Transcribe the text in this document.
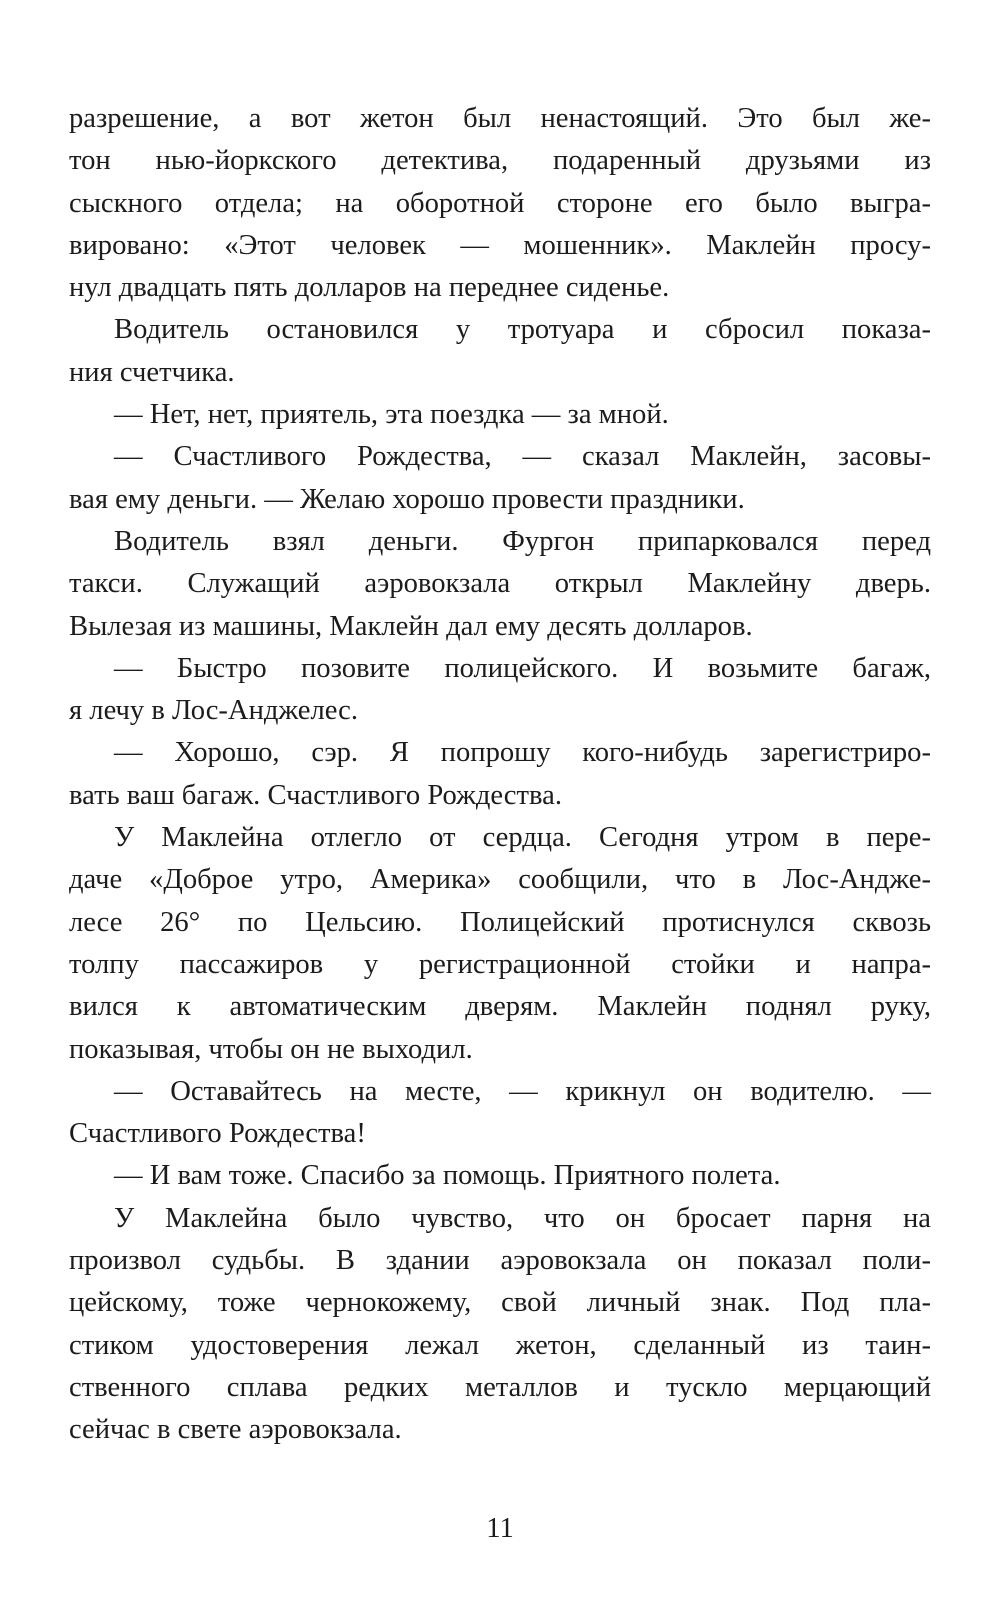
разрешение, а вот жетон был ненастоящий. Это был же-
тон нью-йоркского детектива, подаренный друзьями из
сыскного отдела; на оборотной стороне его было выгра-
вировано: «Этот человек — мошенник». Маклейн просу-
нул двадцать пять долларов на переднее сиденье.
Водитель остановился у тротуара и сбросил показа-
ния счетчика.
— Нет, нет, приятель, эта поездка — за мной.
— Счастливого Рождества, — сказал Маклейн, засовы-
вая ему деньги. — Желаю хорошо провести праздники.
Водитель взял деньги. Фургон припарковался перед
такси. Служащий аэровокзала открыл Маклейну дверь.
Вылезая из машины, Маклейн дал ему десять долларов.
— Быстро позовите полицейского. И возьмите багаж,
я лечу в Лос-Анджелес.
— Хорошо, сэр. Я попрошу кого-нибудь зарегистриро-
вать ваш багаж. Счастливого Рождества.
У Маклейна отлегло от сердца. Сегодня утром в пере-
даче «Доброе утро, Америка» сообщили, что в Лос-Андже-
лесе 26° по Цельсию. Полицейский протиснулся сквозь
толпу пассажиров у регистрационной стойки и напра-
вился к автоматическим дверям. Маклейн поднял руку,
показывая, чтобы он не выходил.
— Оставайтесь на месте, — крикнул он водителю. —
Счастливого Рождества!
— И вам тоже. Спасибо за помощь. Приятного полета.
У Маклейна было чувство, что он бросает парня на
произвол судьбы. В здании аэровокзала он показал поли-
цейскому, тоже чернокожему, свой личный знак. Под пла-
стиком удостоверения лежал жетон, сделанный из таин-
ственного сплава редких металлов и тускло мерцающий
сейчас в свете аэровокзала.
11
